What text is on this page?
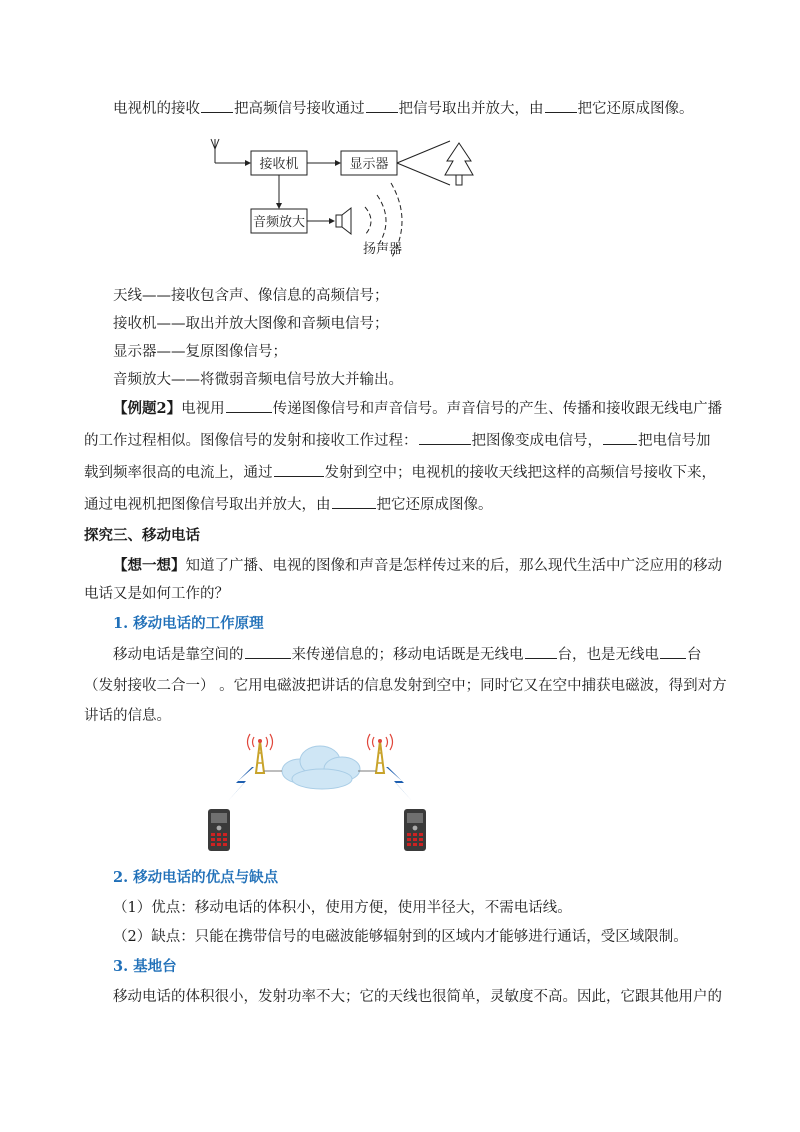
电视机的接收 把高频信号接收通过 把信号取出并放大，由 把它还原成图像。
接收机	显示器
音频放大
扬声器
天线——接收包含声、像信息的高频信号；
接收机——取出并放大图像和音频电信号；
显示器——复原图像信号；
音频放大——将微弱音频电信号放大并输出。
【例题2】电视用	传递图像信号和声音信号。声音信号的产生、传播和接收跟无线电广播
的工作过程相似。图像信号的发射和接收工作过程：	把图像变成电信号， 把电信号加
载到频率很高的电流上，通过	发射到空中；电视机的接收天线把这样的高频信号接收下来，
通过电视机把图像信号取出并放大，由	把它还原成图像。
探究三、移动电话
【想一想】知道了广播、电视的图像和声音是怎样传过来的后，那么现代生活中广泛应用的移动
电话又是如何工作的？
1. 移动电话的工作原理
移动电话是靠空间的	来传递信息的；移动电话既是无线电 台，也是无线电 台
（发射接收二合一） 。它用电磁波把讲话的信息发射到空中；同时它又在空中捕获电磁波，得到对方
讲话的信息。
2. 移动电话的优点与缺点
（1）优点：移动电话的体积小，使用方便，使用半径大，不需电话线。
（2）缺点：只能在携带信号的电磁波能够辐射到的区域内才能够进行通话，受区域限制。
3. 基地台
移动电话的体积很小，发射功率不大；它的天线也很简单，灵敏度不高。因此，它跟其他用户的
